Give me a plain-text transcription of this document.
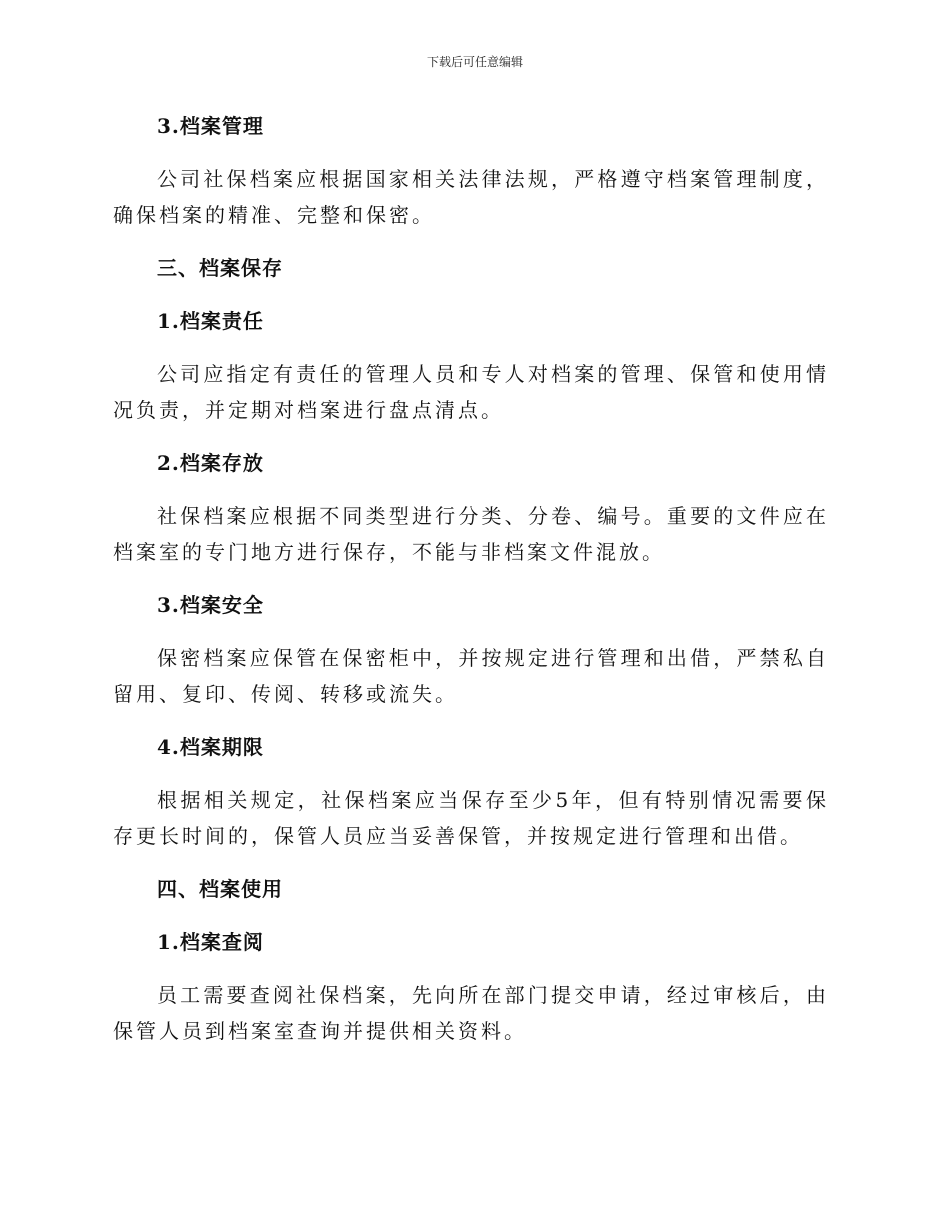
下载后可任意编辑
3.档案管理

公司社保档案应根据国家相关法律法规，严格遵守档案管理制度，确保档案的精准、完整和保密。

三、档案保存
1.档案责任

公司应指定有责任的管理人员和专人对档案的管理、保管和使用情况负责，并定期对档案进行盘点清点。

2.档案存放

社保档案应根据不同类型进行分类、分卷、编号。重要的文件应在档案室的专门地方进行保存，不能与非档案文件混放。

3.档案安全

保密档案应保管在保密柜中，并按规定进行管理和出借，严禁私自留用、复印、传阅、转移或流失。

4.档案期限

根据相关规定，社保档案应当保存至少5年，但有特别情况需要保存更长时间的，保管人员应当妥善保管，并按规定进行管理和出借。

四、档案使用
1.档案查阅

员工需要查阅社保档案，先向所在部门提交申请，经过审核后，由保管人员到档案室查询并提供相关资料。
